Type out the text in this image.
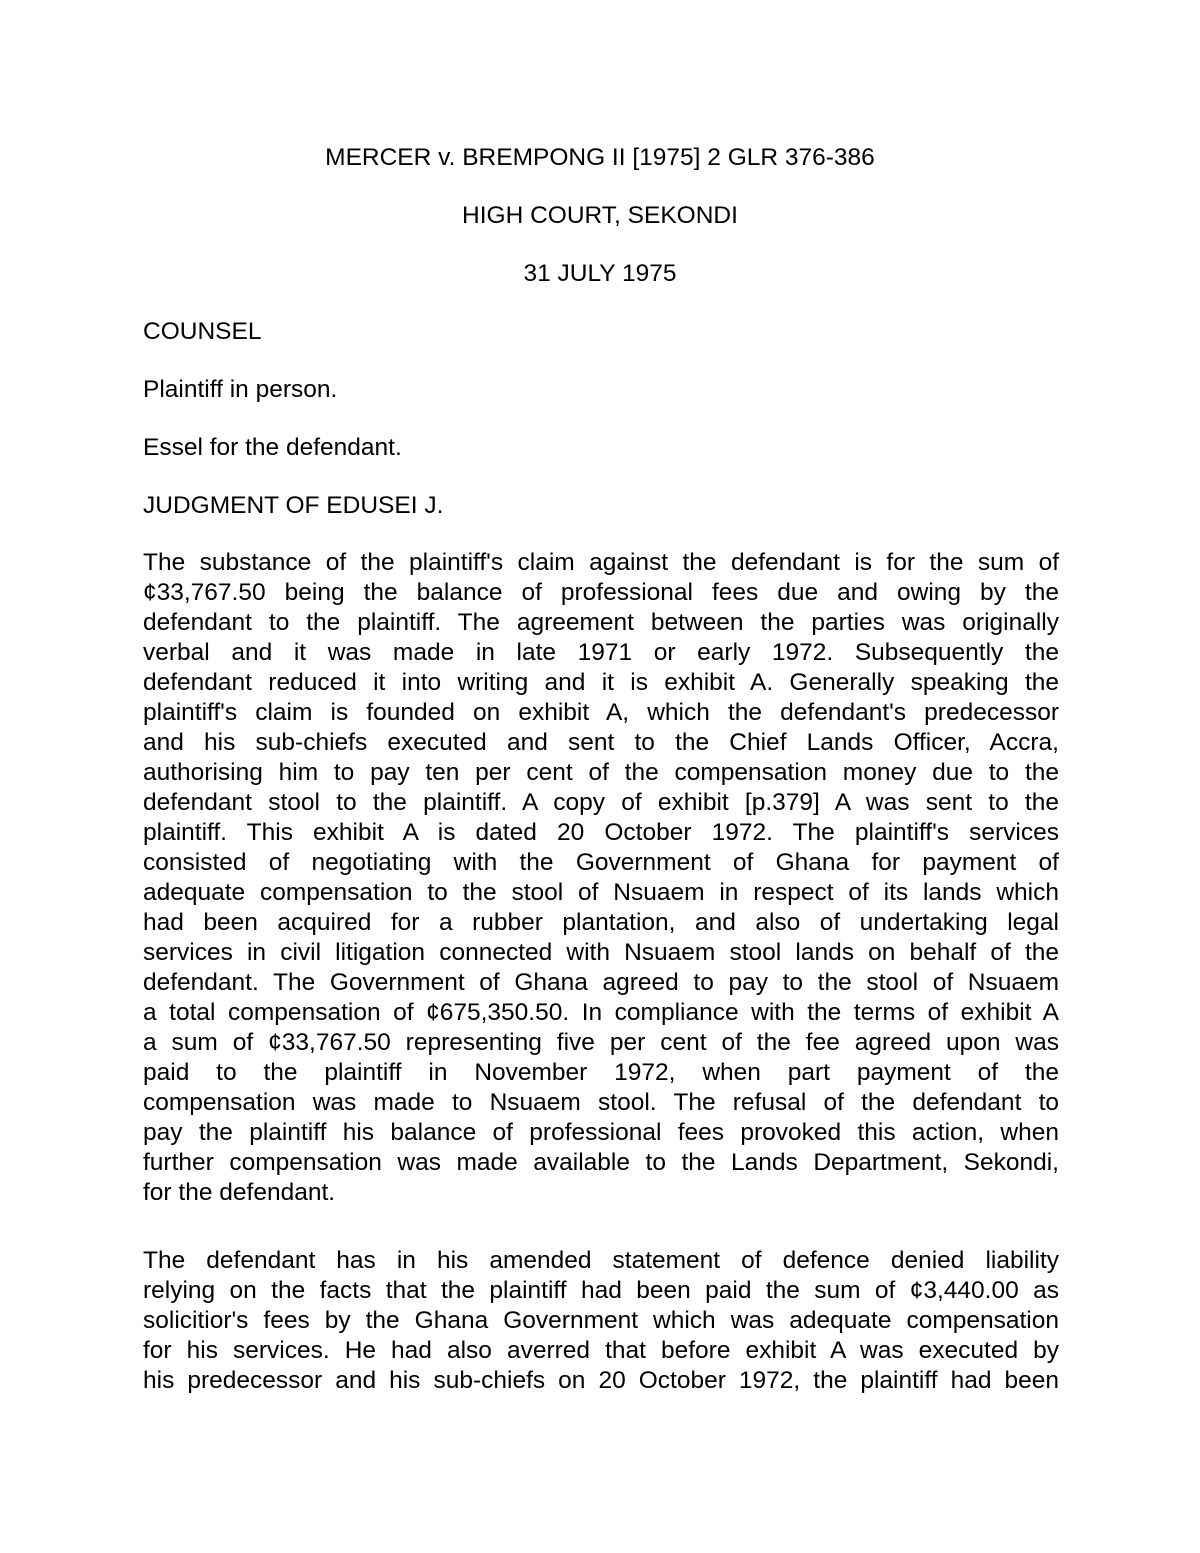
MERCER v. BREMPONG II [1975] 2 GLR 376-386
HIGH COURT, SEKONDI
31 JULY 1975
COUNSEL
Plaintiff in person.
Essel for the defendant.
JUDGMENT OF EDUSEI J.
The substance of the plaintiff's claim against the defendant is for the sum of
¢33,767.50 being the balance of professional fees due and owing by the
defendant to the plaintiff. The agreement between the parties was originally
verbal and it was made in late 1971 or early 1972. Subsequently the
defendant reduced it into writing and it is exhibit A. Generally speaking the
plaintiff's claim is founded on exhibit A, which the defendant's predecessor
and his sub-chiefs executed and sent to the Chief Lands Officer, Accra,
authorising him to pay ten per cent of the compensation money due to the
defendant stool to the plaintiff. A copy of exhibit [p.379] A was sent to the
plaintiff. This exhibit A is dated 20 October 1972. The plaintiff's services
consisted of negotiating with the Government of Ghana for payment of
adequate compensation to the stool of Nsuaem in respect of its lands which
had been acquired for a rubber plantation, and also of undertaking legal
services in civil litigation connected with Nsuaem stool lands on behalf of the
defendant. The Government of Ghana agreed to pay to the stool of Nsuaem
a total compensation of ¢675,350.50. In compliance with the terms of exhibit A
a sum of ¢33,767.50 representing five per cent of the fee agreed upon was
paid to the plaintiff in November 1972, when part payment of the
compensation was made to Nsuaem stool. The refusal of the defendant to
pay the plaintiff his balance of professional fees provoked this action, when
further compensation was made available to the Lands Department, Sekondi,
for the defendant.
The defendant has in his amended statement of defence denied liability
relying on the facts that the plaintiff had been paid the sum of ¢3,440.00 as
solicitior's fees by the Ghana Government which was adequate compensation
for his services. He had also averred that before exhibit A was executed by
his predecessor and his sub-chiefs on 20 October 1972, the plaintiff had been
